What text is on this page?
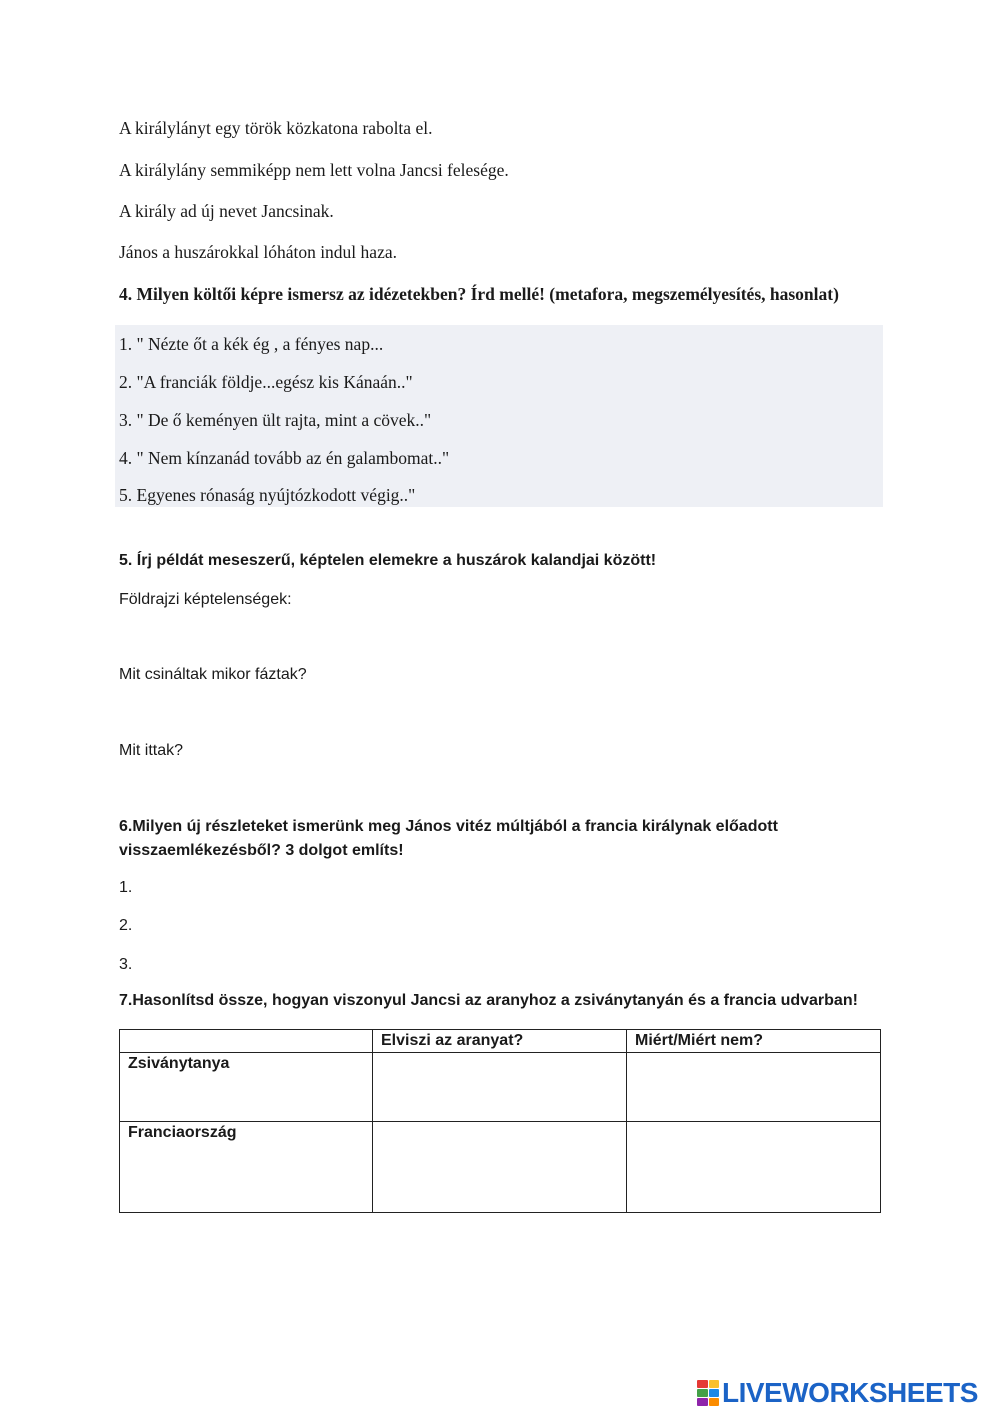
A királylányt egy török közkatona rabolta el.
A királylány semmiképp nem lett volna Jancsi felesége.
A király ad új nevet Jancsinak.
János a huszárokkal lóháton indul haza.
4. Milyen költői képre ismersz az idézetekben? Írd mellé! (metafora, megszemélyesítés, hasonlat)
1. " Nézte őt a kék ég , a fényes nap...
2. "A franciák földje...egész kis Kánaán.."
3. " De ő keményen ült rajta, mint a cövek.."
4. " Nem kínzanád tovább az én galambomat.."
5. Egyenes rónaság nyújtózkodott végig.."
5. Írj példát meseszerű, képtelen elemekre a huszárok kalandjai között!
Földrajzi képtelenségek:
Mit csináltak mikor fáztak?
Mit ittak?
6.Milyen új részleteket ismerünk meg János vitéz múltjából a francia királynak előadott
visszaemlékezésből? 3 dolgot említs!
1.
2.
3.
7.Hasonlítsd össze, hogyan viszonyul Jancsi az aranyhoz a zsiványtanyán és a francia udvarban!
	Elviszi az aranyat?	Miért/Miért nem?
Zsiványtanya		
Franciaország		
LIVEWORKSHEETS
